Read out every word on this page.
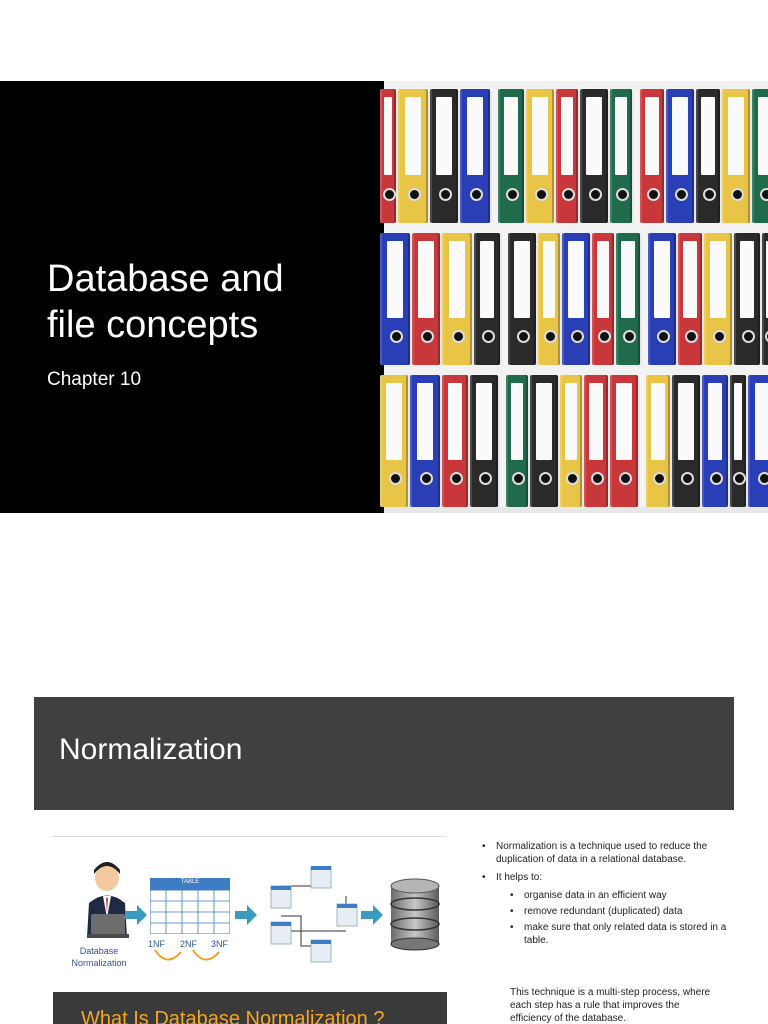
Database and
file concepts
Chapter 10
Normalization
Database
Normalization
TABLE
1NF 2NF 3NF
What Is Database Normalization ?
• Normalization is a technique used to reduce the duplication of data in a relational database.
• It helps to:
• organise data in an efficient way
• remove redundant (duplicated) data
• make sure that only related data is stored in a table.
This technique is a multi-step process, where each step has a rule that improves the efficiency of the database.
